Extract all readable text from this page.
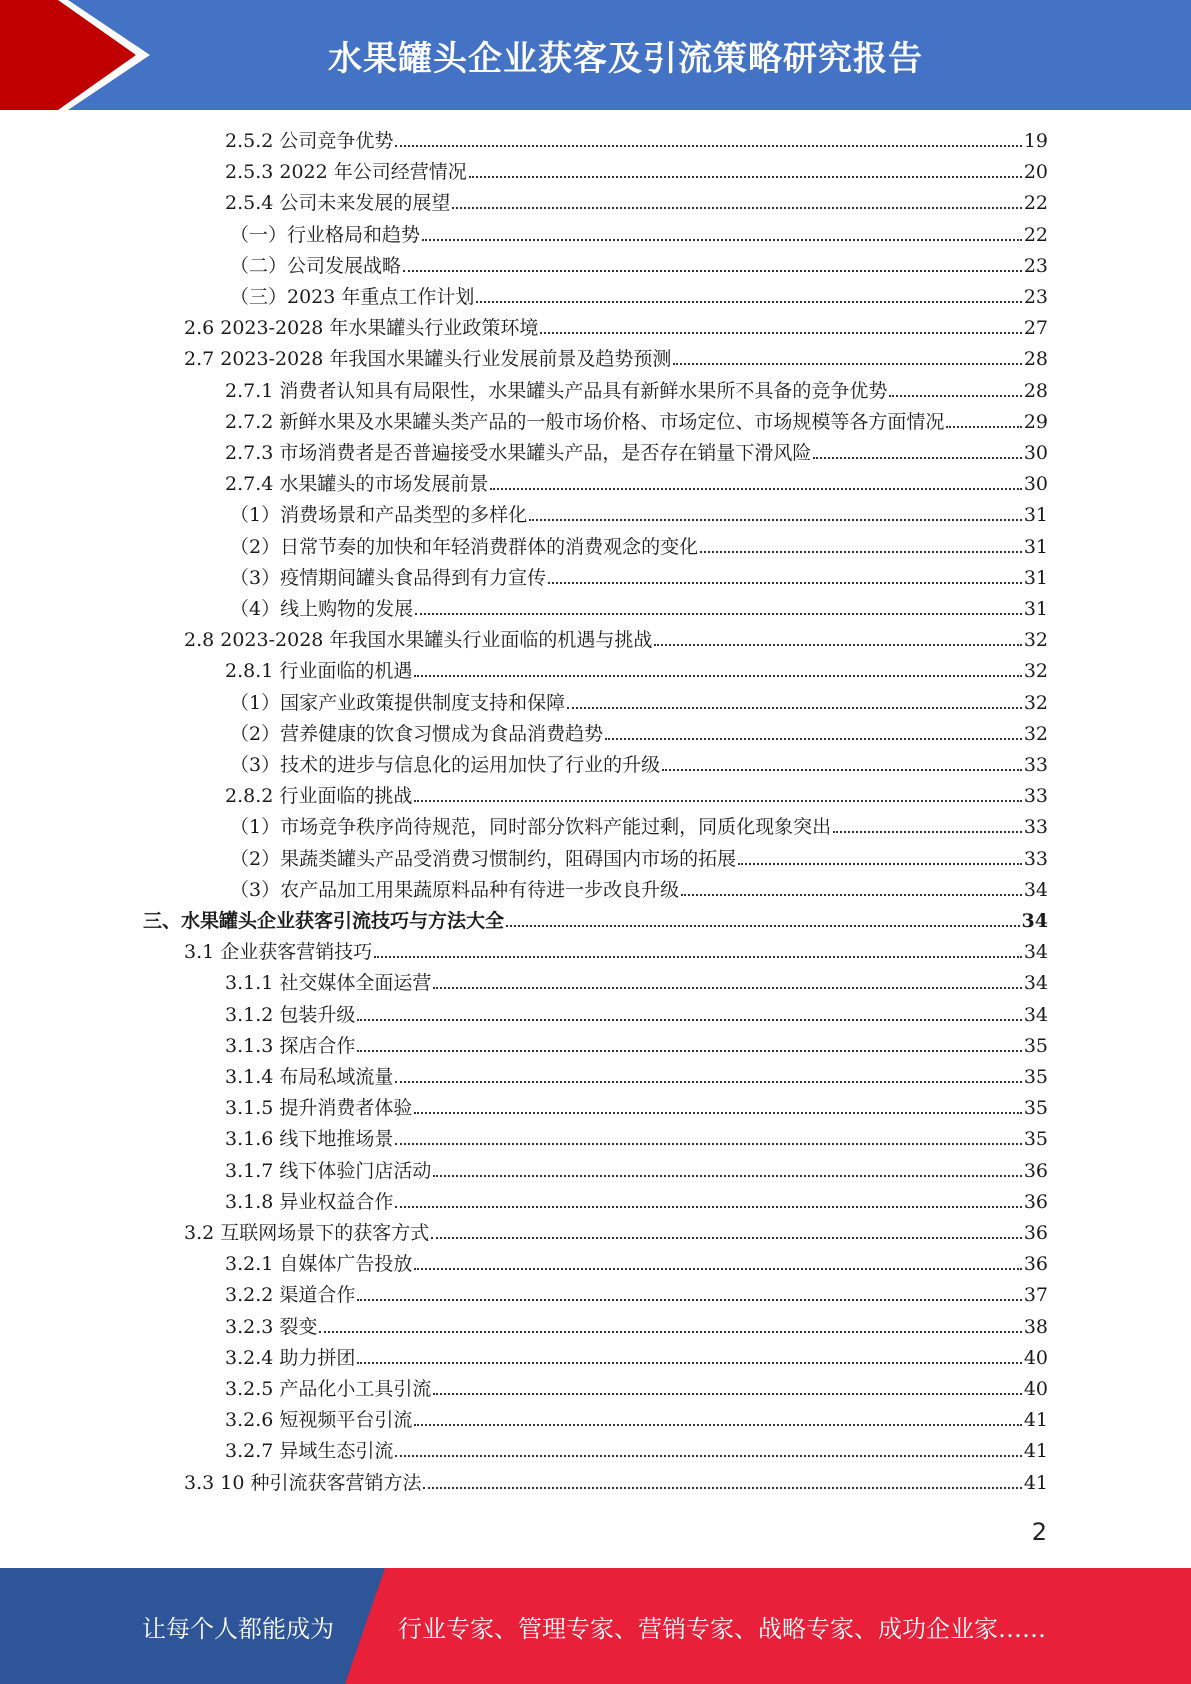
水果罐头企业获客及引流策略研究报告
2.5.2 公司竞争优势	19
2.5.3 2022 年公司经营情况	20
2.5.4 公司未来发展的展望	22
（一）行业格局和趋势	22
（二）公司发展战略	23
（三）2023 年重点工作计划	23
2.6 2023-2028 年水果罐头行业政策环境	27
2.7 2023-2028 年我国水果罐头行业发展前景及趋势预测	28
2.7.1 消费者认知具有局限性，水果罐头产品具有新鲜水果所不具备的竞争优势	28
2.7.2 新鲜水果及水果罐头类产品的一般市场价格、市场定位、市场规模等各方面情况	29
2.7.3 市场消费者是否普遍接受水果罐头产品，是否存在销量下滑风险	30
2.7.4 水果罐头的市场发展前景	30
（1）消费场景和产品类型的多样化	31
（2）日常节奏的加快和年轻消费群体的消费观念的变化	31
（3）疫情期间罐头食品得到有力宣传	31
（4）线上购物的发展	31
2.8 2023-2028 年我国水果罐头行业面临的机遇与挑战	32
2.8.1 行业面临的机遇	32
（1）国家产业政策提供制度支持和保障	32
（2）营养健康的饮食习惯成为食品消费趋势	32
（3）技术的进步与信息化的运用加快了行业的升级	33
2.8.2 行业面临的挑战	33
（1）市场竞争秩序尚待规范，同时部分饮料产能过剩，同质化现象突出	33
（2）果蔬类罐头产品受消费习惯制约，阻碍国内市场的拓展	33
（3）农产品加工用果蔬原料品种有待进一步改良升级	34
三、水果罐头企业获客引流技巧与方法大全	34
3.1 企业获客营销技巧	34
3.1.1 社交媒体全面运营	34
3.1.2 包装升级	34
3.1.3 探店合作	35
3.1.4 布局私域流量	35
3.1.5 提升消费者体验	35
3.1.6 线下地推场景	35
3.1.7 线下体验门店活动	36
3.1.8 异业权益合作	36
3.2 互联网场景下的获客方式	36
3.2.1 自媒体广告投放	36
3.2.2 渠道合作	37
3.2.3 裂变	38
3.2.4 助力拼团	40
3.2.5 产品化小工具引流	40
3.2.6 短视频平台引流	41
3.2.7 异域生态引流	41
3.3 10 种引流获客营销方法	41
2
让每个人都能成为	行业专家、管理专家、营销专家、战略专家、成功企业家……
